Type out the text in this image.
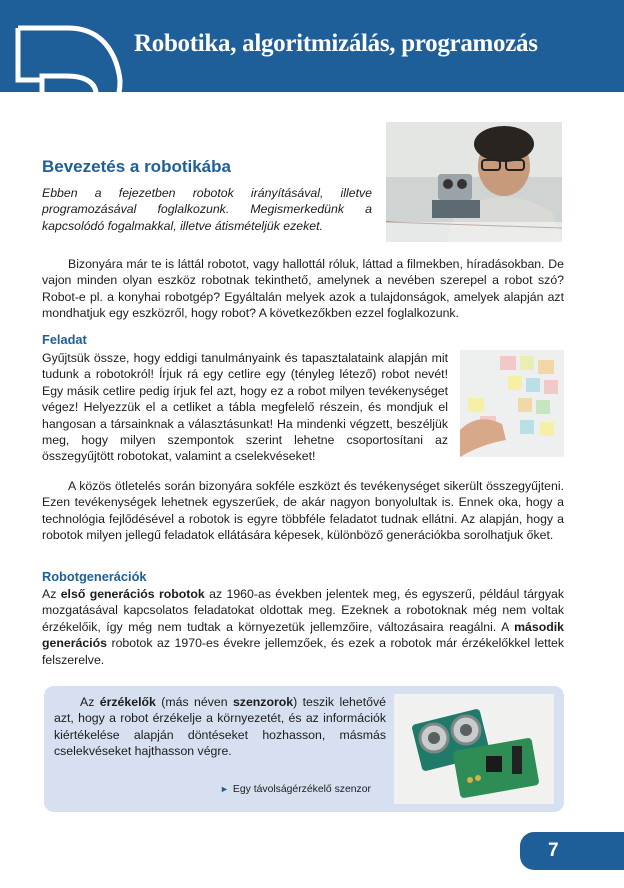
Robotika, algoritmizálás, programozás
Bevezetés a robotikába

Ebben a fejezetben robotok irányításával, illetve programozásával foglalkozunk. Megismerkedünk a kapcsolódó fogalmakkal, illetve átismételjük ezeket.

Bizonyára már te is láttál robotot, vagy hallottál róluk, láttad a filmekben, híradásokban. De vajon minden olyan eszköz robotnak tekinthető, amelynek a nevében szerepel a robot szó? Robot-e pl. a konyhai robotgép? Egyáltalán melyek azok a tulajdonságok, amelyek alapján azt mondhatjuk egy eszközről, hogy robot? A következőkben ezzel foglalkozunk.

Feladat

Gyűjtsük össze, hogy eddigi tanulmányaink és tapasztalataink alapján mit tudunk a robotokról! Írjuk rá egy cetlire egy (tényleg létező) robot nevét! Egy másik cetlire pedig írjuk fel azt, hogy ez a robot milyen tevékenységet végez! Helyezzük el a cetliket a tábla megfelelő részein, és mondjuk el hangosan a társainknak a választásunkat! Ha mindenki végzett, beszéljük meg, hogy milyen szempontok szerint lehetne csoportosítani az összegyűjtött robotokat, valamint a cselekvéseket!

A közös ötletelés során bizonyára sokféle eszközt és tevékenységet sikerült összegyűjteni. Ezen tevékenységek lehetnek egyszerűek, de akár nagyon bonyolultak is. Ennek oka, hogy a technológia fejlődésével a robotok is egyre többféle feladatot tudnak ellátni. Az alapján, hogy a robotok milyen jellegű feladatok ellátására képesek, különböző generációkba sorolhatjuk őket.

Robotgenerációk

Az első generációs robotok az 1960-as években jelentek meg, és egyszerű, például tárgyak mozgatásával kapcsolatos feladatokat oldottak meg. Ezeknek a robotoknak még nem voltak érzékelőik, így még nem tudtak a környezetük jellemzőire, változásaira reagálni. A második generációs robotok az 1970-es évekre jellemzőek, és ezek a robotok már érzékelőkkel lettek felszerelve.

Az érzékelők (más néven szenzorok) teszik lehetővé azt, hogy a robot érzékelje a környezetét, és az információk kiértékelése alapján döntéseket hozhasson, másmás cselekvéseket hajthasson végre.

► Egy távolságérzékelő szenzor
7
